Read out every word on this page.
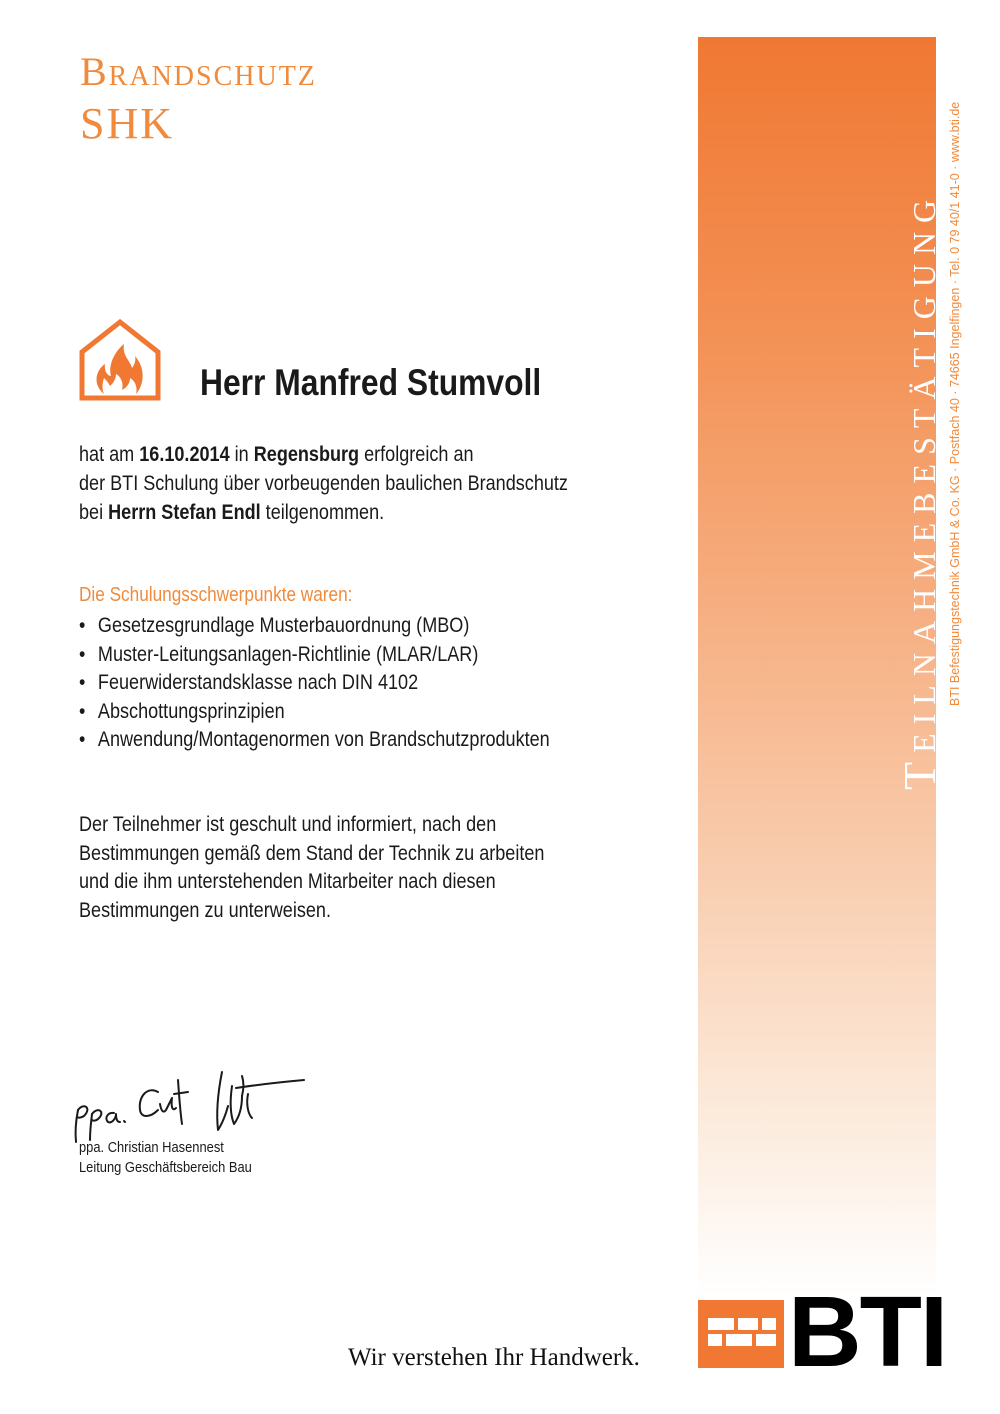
Brandschutz
SHK
Herr Manfred Stumvoll
hat am 16.10.2014 in Regensburg erfolgreich an
der BTI Schulung über vorbeugenden baulichen Brandschutz
bei Herrn Stefan Endl teilgenommen.
Die Schulungsschwerpunkte waren:
• Gesetzesgrundlage Musterbauordnung (MBO)
• Muster-Leitungsanlagen-Richtlinie (MLAR/LAR)
• Feuerwiderstandsklasse nach DIN 4102
• Abschottungsprinzipien
• Anwendung/Montagenormen von Brandschutzprodukten
Der Teilnehmer ist geschult und informiert, nach den
Bestimmungen gemäß dem Stand der Technik zu arbeiten
und die ihm unterstehenden Mitarbeiter nach diesen
Bestimmungen zu unterweisen.
ppa. Christian Hasennest
Leitung Geschäftsbereich Bau
Wir verstehen Ihr Handwerk.
Teilnahmebestätigung BTI Befestigungstechnik GmbH & Co. KG · Postfach 40 · 74665 Ingelfingen · Tel. 0 79 40/1 41-0 · www.bti.de
BTI
